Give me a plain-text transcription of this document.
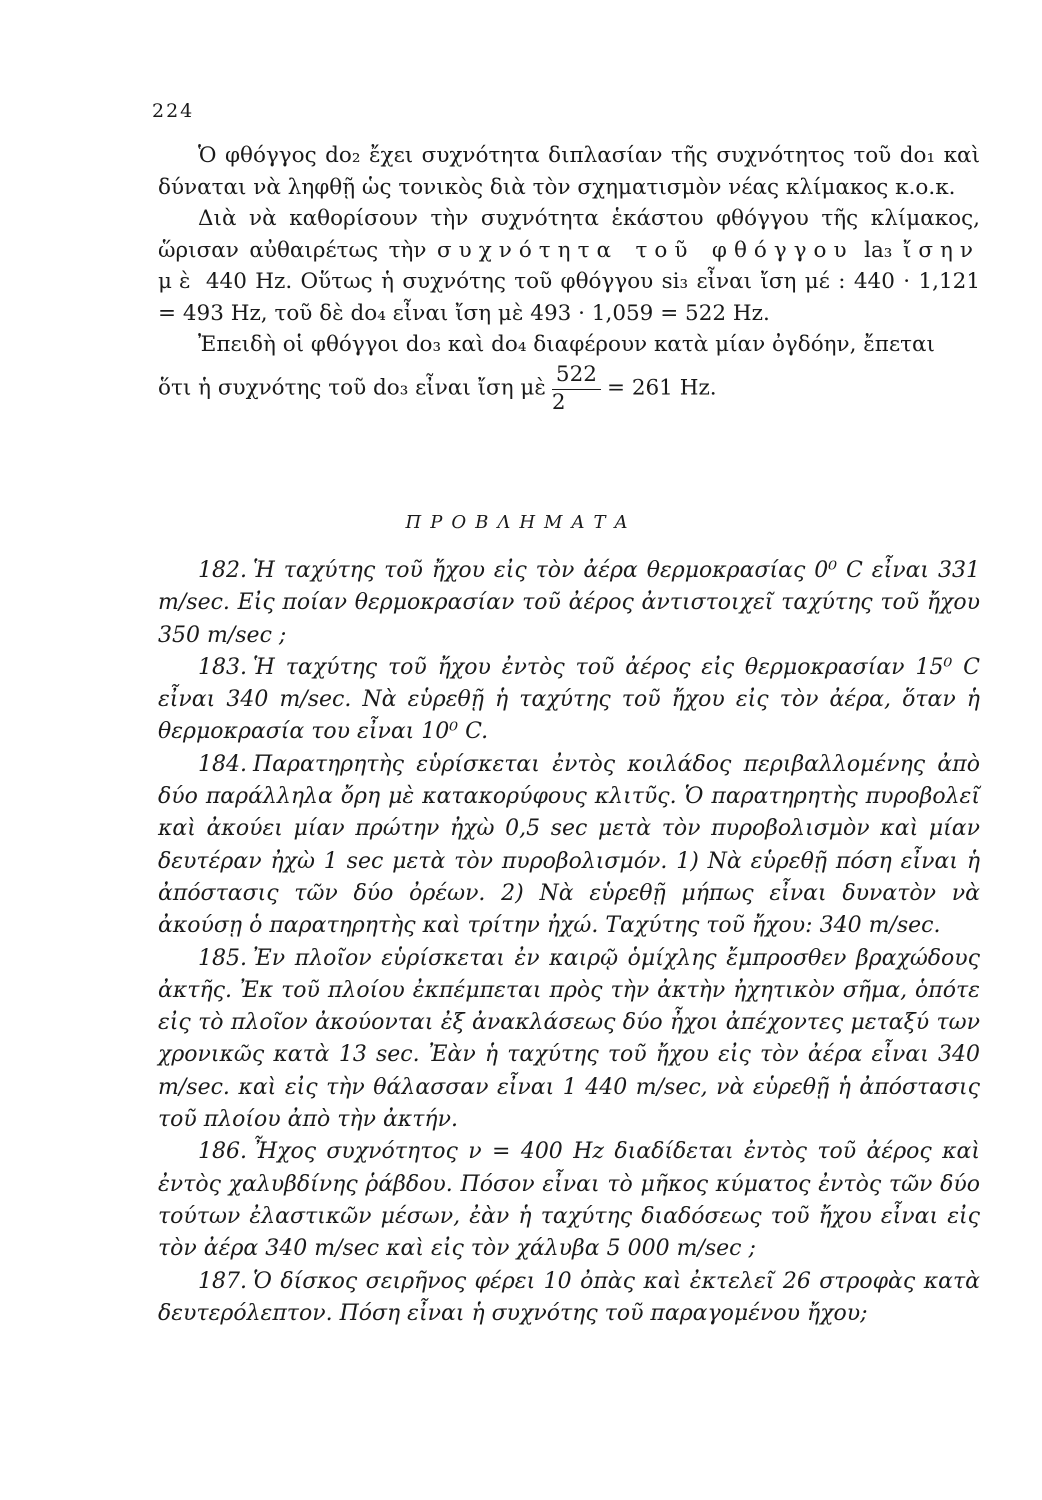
224

Ὁ φθόγγος do₂ ἔχει συχνότητα διπλασίαν τῆς συχνότητος τοῦ do₁ καὶ δύναται νὰ ληφθῇ ὡς τονικὸς διὰ τὸν σχηματισμὸν νέας κλίμακος κ.ο.κ.

Διὰ νὰ καθορίσουν τὴν συχνότητα ἑκάστου φθόγγου τῆς κλίμακος, ὥρισαν αὐθαιρέτως τὴν συχνότητα τοῦ φθόγγου la₃ ἴσην μὲ 440 Hz. Οὕτως ἡ συχνότης τοῦ φθόγγου si₃ εἶναι ἴση μέ : 440 · 1,121 = 493 Hz, τοῦ δὲ do₄ εἶναι ἴση μὲ 493 · 1,059 = 522 Hz.

Ἐπειδὴ οἱ φθόγγοι do₃ καὶ do₄ διαφέρουν κατὰ μίαν ὀγδόην, ἔπεται

ὅτι ἡ συχνότης τοῦ do₃ εἶναι ἴση μὲ $\frac{522}{2} = 261$ Hz.

ΠΡΟΒΛΗΜΑΤΑ

182. Ἡ ταχύτης τοῦ ἤχου εἰς τὸν ἀέρα θερμοκρασίας 0⁰ C εἶναι 331 m/sec. Εἰς ποίαν θερμοκρασίαν τοῦ ἀέρος ἀντιστοιχεῖ ταχύτης τοῦ ἤχου 350 m/sec ;

183. Ἡ ταχύτης τοῦ ἤχου ἐντὸς τοῦ ἀέρος εἰς θερμοκρασίαν 15⁰ C εἶναι 340 m/sec. Νὰ εὑρεθῇ ἡ ταχύτης τοῦ ἤχου εἰς τὸν ἀέρα, ὅταν ἡ θερμοκρασία του εἶναι 10⁰ C.

184. Παρατηρητὴς εὑρίσκεται ἐντὸς κοιλάδος περιβαλλομένης ἀπὸ δύο παράλληλα ὄρη μὲ κατακορύφους κλιτῦς. Ὁ παρατηρητὴς πυροβολεῖ καὶ ἀκούει μίαν πρώτην ἠχὼ 0,5 sec μετὰ τὸν πυροβολισμὸν καὶ μίαν δευτέραν ἠχὼ 1 sec μετὰ τὸν πυροβολισμόν. 1) Νὰ εὑρεθῇ πόση εἶναι ἡ ἀπόστασις τῶν δύο ὀρέων. 2) Νὰ εὑρεθῇ μήπως εἶναι δυνατὸν νὰ ἀκούσῃ ὁ παρατηρητὴς καὶ τρίτην ἠχώ. Ταχύτης τοῦ ἤχου: 340 m/sec.

185. Ἐν πλοῖον εὑρίσκεται ἐν καιρῷ ὁμίχλης ἔμπροσθεν βραχώδους ἀκτῆς. Ἐκ τοῦ πλοίου ἐκπέμπεται πρὸς τὴν ἀκτὴν ἠχητικὸν σῆμα, ὁπότε εἰς τὸ πλοῖον ἀκούονται ἐξ ἀνακλάσεως δύο ἦχοι ἀπέχοντες μεταξύ των χρονικῶς κατὰ 13 sec. Ἐὰν ἡ ταχύτης τοῦ ἤχου εἰς τὸν ἀέρα εἶναι 340 m/sec. καὶ εἰς τὴν θάλασσαν εἶναι 1 440 m/sec, νὰ εὑρεθῇ ἡ ἀπόστασις τοῦ πλοίου ἀπὸ τὴν ἀκτήν.

186. Ἦχος συχνότητος ν = 400 Hz διαδίδεται ἐντὸς τοῦ ἀέρος καὶ ἐντὸς χαλυβδίνης ῥάβδου. Πόσον εἶναι τὸ μῆκος κύματος ἐντὸς τῶν δύο τούτων ἐλαστικῶν μέσων, ἐὰν ἡ ταχύτης διαδόσεως τοῦ ἤχου εἶναι εἰς τὸν ἀέρα 340 m/sec καὶ εἰς τὸν χάλυβα 5 000 m/sec ;

187. Ὁ δίσκος σειρῆνος φέρει 10 ὀπὰς καὶ ἐκτελεῖ 26 στροφὰς κατὰ δευτερόλεπτον. Πόση εἶναι ἡ συχνότης τοῦ παραγομένου ἤχου;
